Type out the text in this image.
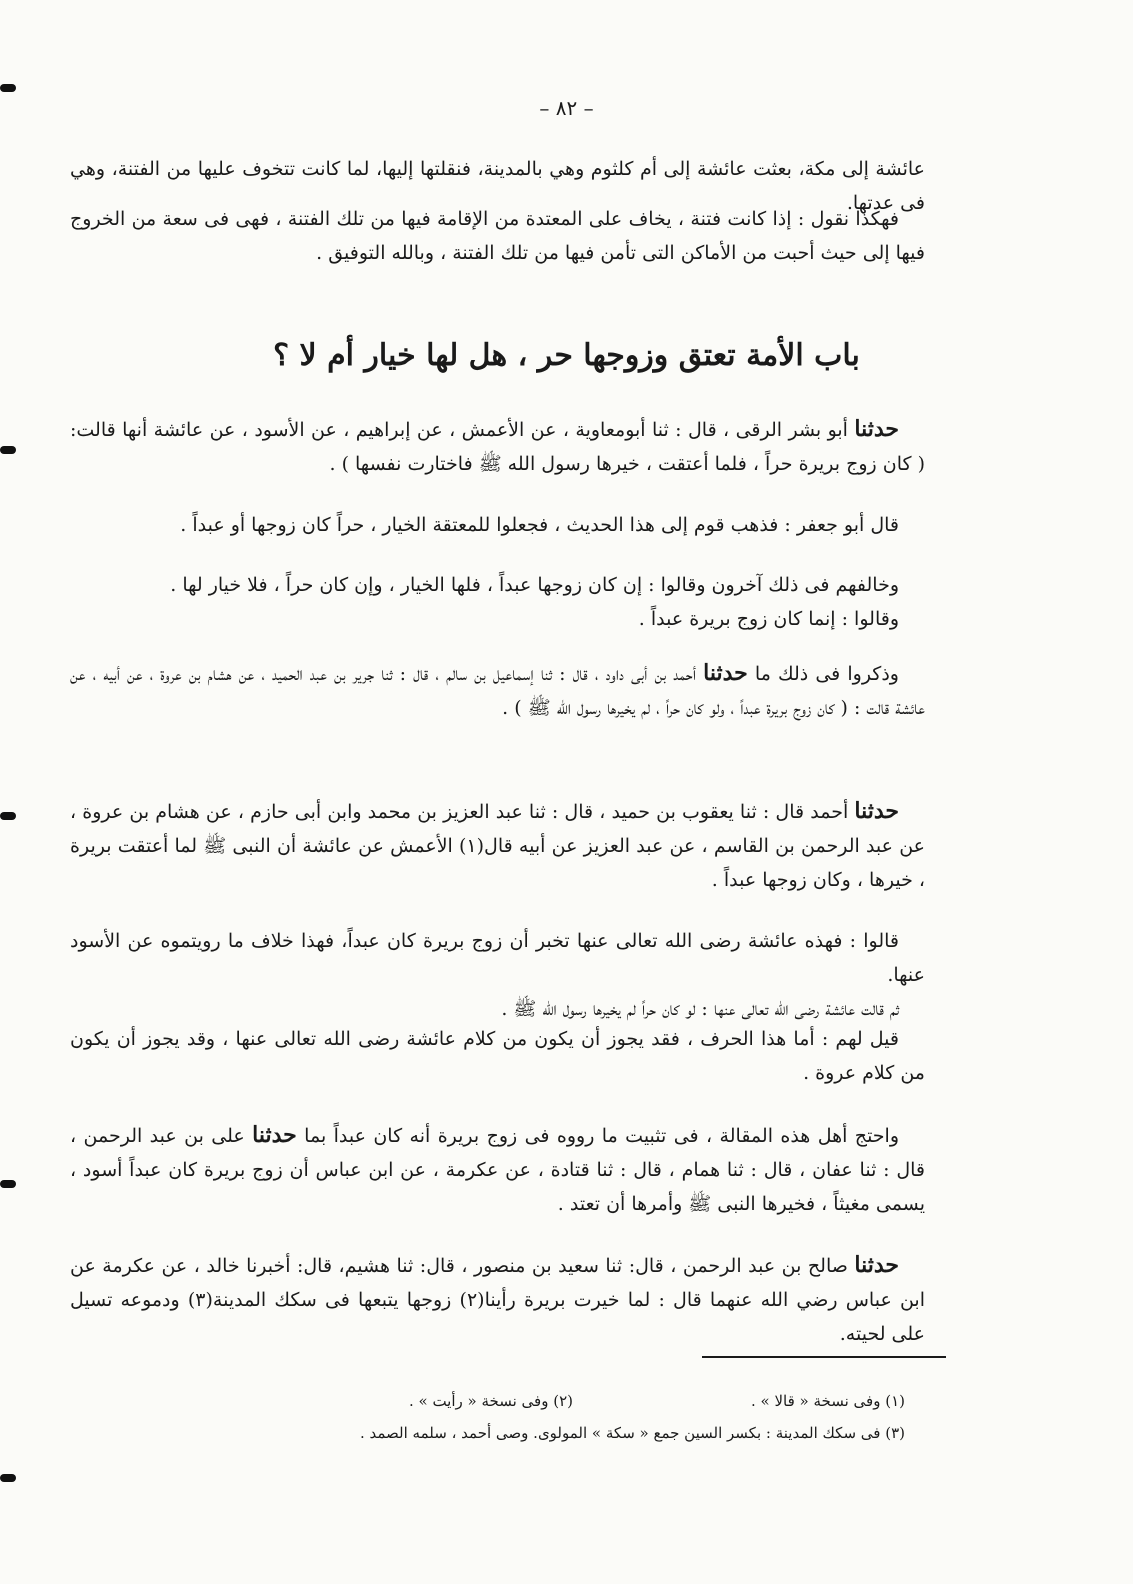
– ٨٢ –

عائشة إلى مكة، بعثت عائشة إلى أم كلثوم وهي بالمدينة، فنقلتها إليها، لما كانت تتخوف عليها من الفتنة، وهي فى عدتها.

فهكذا نقول : إذا كانت فتنة ، يخاف على المعتدة من الإقامة فيها من تلك الفتنة ، فهى فى سعة من الخروج فيها إلى حيث أحبت من الأماكن التى تأمن فيها من تلك الفتنة ، وبالله التوفيق .

باب الأمة تعتق وزوجها حر ، هل لها خيار أم لا ؟

حدثنا أبو بشر الرقى ، قال : ثنا أبومعاوية ، عن الأعمش ، عن إبراهيم ، عن الأسود ، عن عائشة أنها قالت: ( كان زوج بريرة حراً ، فلما أعتقت ، خيرها رسول الله ﷺ فاختارت نفسها ) .

قال أبو جعفر : فذهب قوم إلى هذا الحديث ، فجعلوا للمعتقة الخيار ، حراً كان زوجها أو عبداً .

وخالفهم فى ذلك آخرون وقالوا : إن كان زوجها عبداً ، فلها الخيار ، وإن كان حراً ، فلا خيار لها .

وقالوا : إنما كان زوج بريرة عبداً .

وذكروا فى ذلك ما حدثنا أحمد بن أبى داود ، قال : ثنا إسماعيل بن سالم ، قال : ثنا جرير بن عبد الحميد ، عن هشام بن عروة ، عن أبيه ، عن عائشة قالت : ( كان زوج بريرة عبداً ، ولو كان حراً ، لم يخيرها رسول الله ﷺ ) .

حدثنا أحمد قال : ثنا يعقوب بن حميد ، قال : ثنا عبد العزيز بن محمد وابن أبى حازم ، عن هشام بن عروة ، عن عبد الرحمن بن القاسم ، عن عبد العزيز عن أبيه قال(١) الأعمش عن عائشة أن النبى ﷺ لما أعتقت بريرة ، خيرها ، وكان زوجها عبداً .

قالوا : فهذه عائشة رضى الله تعالى عنها تخبر أن زوج بريرة كان عبداً، فهذا خلاف ما رويتموه عن الأسود عنها.

ثم قالت عائشة رضى الله تعالى عنها : لو كان حراً لم يخيرها رسول الله ﷺ .

قيل لهم : أما هذا الحرف ، فقد يجوز أن يكون من كلام عائشة رضى الله تعالى عنها ، وقد يجوز أن يكون من كلام عروة .

واحتج أهل هذه المقالة ، فى تثبيت ما رووه فى زوج بريرة أنه كان عبداً بما حدثنا على بن عبد الرحمن ، قال : ثنا عفان ، قال : ثنا همام ، قال : ثنا قتادة ، عن عكرمة ، عن ابن عباس أن زوج بريرة كان عبداً أسود ، يسمى مغيثاً ، فخيرها النبى ﷺ وأمرها أن تعتد .

حدثنا صالح بن عبد الرحمن ، قال: ثنا سعيد بن منصور ، قال: ثنا هشيم، قال: أخبرنا خالد ، عن عكرمة عن ابن عباس رضي الله عنهما قال : لما خيرت بريرة رأينا(٢) زوجها يتبعها فى سكك المدينة(٣) ودموعه تسيل على لحيته.

(١) وفى نسخة « قالا » .
(٢) وفى نسخة « رأيت » .
(٣) فى سكك المدينة : بكسر السين جمع « سكة » المولوى. وصى أحمد ، سلمه الصمد .
